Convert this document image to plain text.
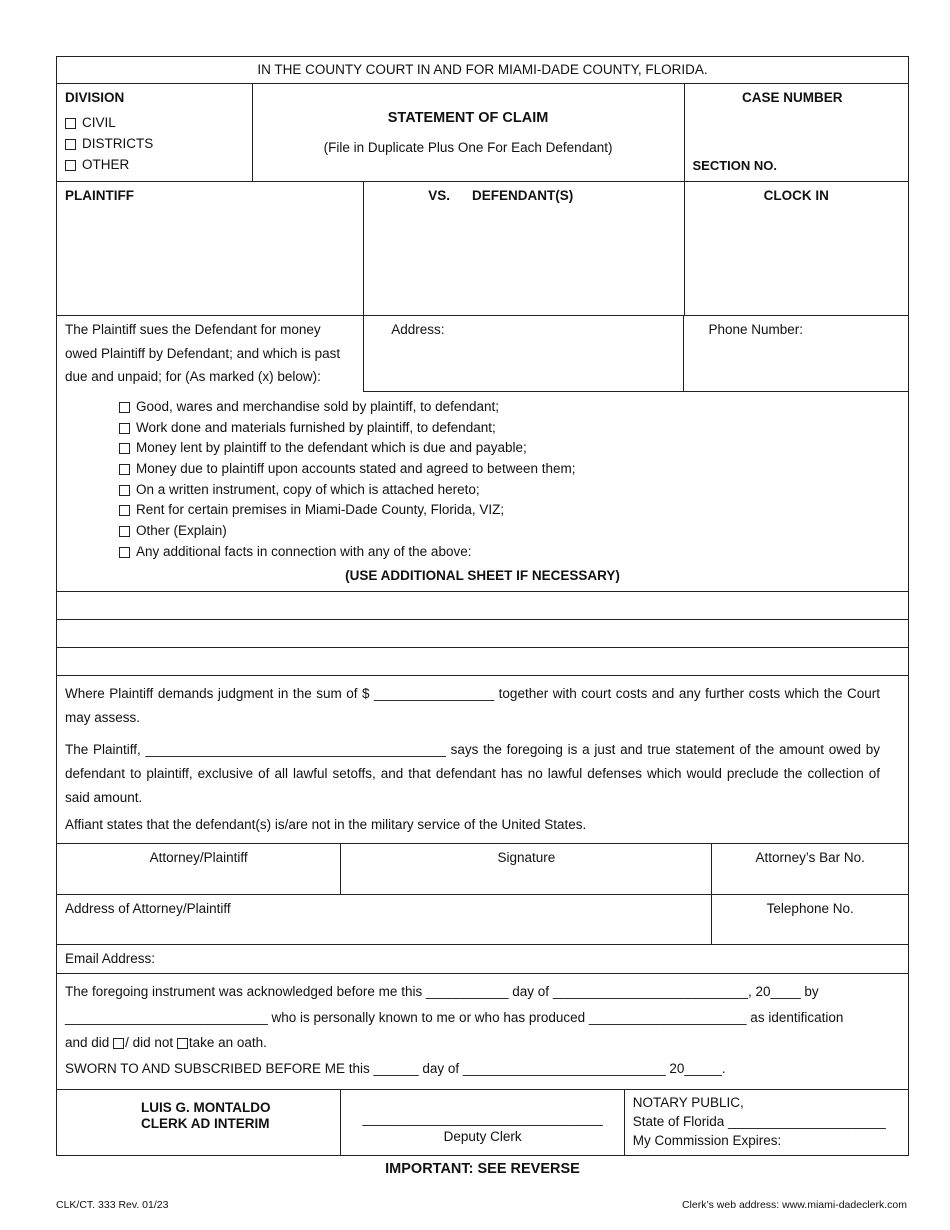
IN THE COUNTY COURT IN AND FOR MIAMI-DADE COUNTY, FLORIDA.
DIVISION
CIVIL
DISTRICTS
OTHER
STATEMENT OF CLAIM
(File in Duplicate Plus One For Each Defendant)
CASE NUMBER
SECTION NO.
PLAINTIFF	VS. DEFENDANT(S)	CLOCK IN
The Plaintiff sues the Defendant for money
owed Plaintiff by Defendant; and which is past
due and unpaid; for (As marked (x) below):
Address:	Phone Number:
Good, wares and merchandise sold by plaintiff, to defendant;
Work done and materials furnished by plaintiff, to defendant;
Money lent by plaintiff to the defendant which is due and payable;
Money due to plaintiff upon accounts stated and agreed to between them;
On a written instrument, copy of which is attached hereto;
Rent for certain premises in Miami-Dade County, Florida, VIZ;
Other (Explain)
Any additional facts in connection with any of the above:
(USE ADDITIONAL SHEET IF NECESSARY)
Where Plaintiff demands judgment in the sum of $ ________________ together with court costs and any further costs which the Court may assess.
The Plaintiff, ________________________________________ says the foregoing is a just and true statement of the amount owed by defendant to plaintiff, exclusive of all lawful setoffs, and that defendant has no lawful defenses which would preclude the collection of said amount.
Affiant states that the defendant(s) is/are not in the military service of the United States.
Attorney/Plaintiff	Signature	Attorney’s Bar No.
Address of Attorney/Plaintiff	Telephone No.
Email Address:
The foregoing instrument was acknowledged before me this ___________ day of __________________________, 20____ by
___________________________ who is personally known to me or who has produced _____________________ as identification
and did / did not take an oath.
SWORN TO AND SUBSCRIBED BEFORE ME this ______ day of ___________________________ 20_____.
LUIS G. MONTALDO
CLERK AD INTERIM	________________________________
Deputy Clerk
NOTARY PUBLIC,
State of Florida _____________________
My Commission Expires:
IMPORTANT: SEE REVERSE
CLK/CT. 333 Rev. 01/23	Clerk’s web address: www.miami-dadeclerk.com
